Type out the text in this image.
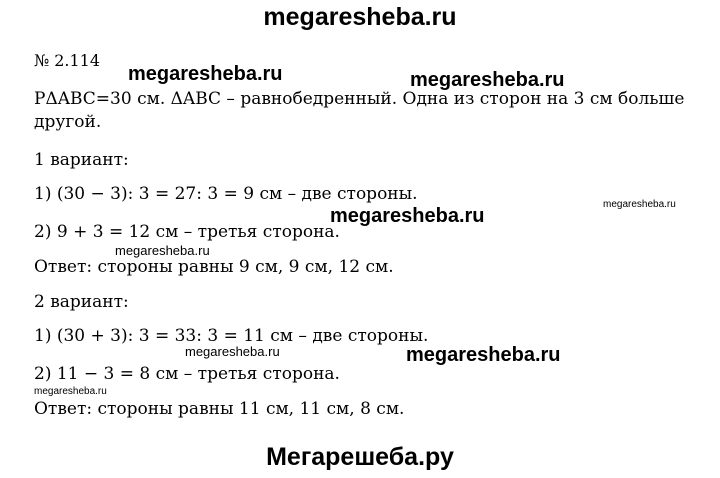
megaresheba.ru
№ 2.114
PΔABC=30 см. ΔABC – равнобедренный. Одна из сторон на 3 см больше
другой.
1 вариант:
1) (30 − 3): 3 = 27: 3 = 9 см – две стороны.
2) 9 + 3 = 12 см – третья сторона.
Ответ: стороны равны 9 см, 9 см, 12 см.
2 вариант:
1) (30 + 3): 3 = 33: 3 = 11 см – две стороны.
2) 11 − 3 = 8 см – третья сторона.
Ответ: стороны равны 11 см, 11 см, 8 см.
megaresheba.ru	megaresheba.ru
megaresheba.ru
megaresheba.ru
megaresheba.ru
megaresheba.ru	megaresheba.ru
megaresheba.ru
Мегарешеба.ру
